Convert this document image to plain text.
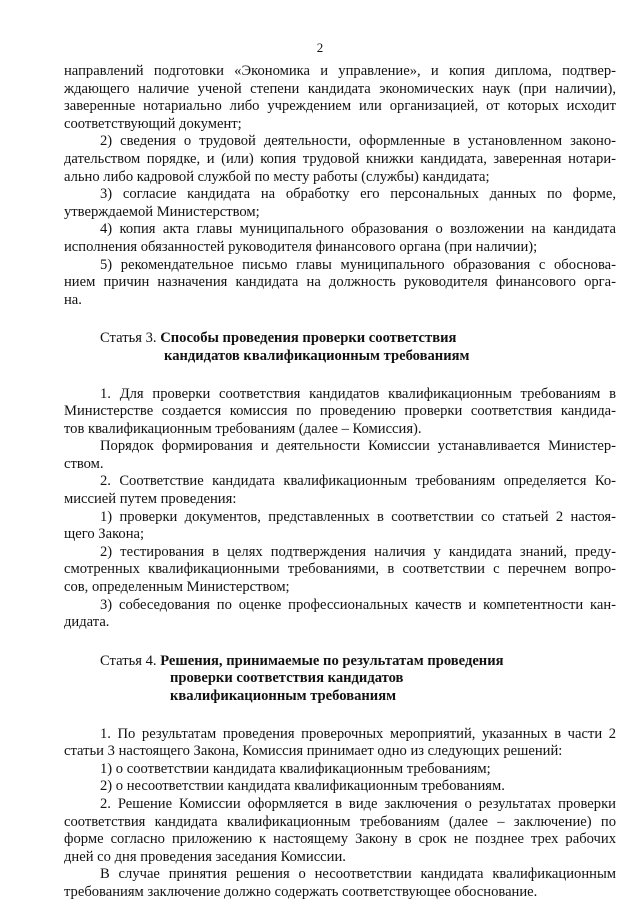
2
направлений подготовки «Экономика и управление», и копия диплома, подтвер-
ждающего наличие ученой степени кандидата экономических наук (при наличии),
заверенные нотариально либо учреждением или организацией, от которых исходит
соответствующий документ;
2) сведения о трудовой деятельности, оформленные в установленном законо-
дательством порядке, и (или) копия трудовой книжки кандидата, заверенная нотари-
ально либо кадровой службой по месту работы (службы) кандидата;
3) согласие кандидата на обработку его персональных данных по форме,
утверждаемой Министерством;
4) копия акта главы муниципального образования о возложении на кандидата
исполнения обязанностей руководителя финансового органа (при наличии);
5) рекомендательное письмо главы муниципального образования с обоснова-
нием причин назначения кандидата на должность руководителя финансового орга-
на.
Статья 3. Способы проведения проверки соответствия
кандидатов квалификационным требованиям
1. Для проверки соответствия кандидатов квалификационным требованиям в
Министерстве создается комиссия по проведению проверки соответствия кандида-
тов квалификационным требованиям (далее – Комиссия).
Порядок формирования и деятельности Комиссии устанавливается Министер-
ством.
2. Соответствие кандидата квалификационным требованиям определяется Ко-
миссией путем проведения:
1) проверки документов, представленных в соответствии со статьей 2 настоя-
щего Закона;
2) тестирования в целях подтверждения наличия у кандидата знаний, преду-
смотренных квалификационными требованиями, в соответствии с перечнем вопро-
сов, определенным Министерством;
3) собеседования по оценке профессиональных качеств и компетентности кан-
дидата.
Статья 4. Решения, принимаемые по результатам проведения
проверки соответствия кандидатов
квалификационным требованиям
1. По результатам проведения проверочных мероприятий, указанных в части 2
статьи 3 настоящего Закона, Комиссия принимает одно из следующих решений:
1) о соответствии кандидата квалификационным требованиям;
2) о несоответствии кандидата квалификационным требованиям.
2. Решение Комиссии оформляется в виде заключения о результатах проверки
соответствия кандидата квалификационным требованиям (далее – заключение) по
форме согласно приложению к настоящему Закону в срок не позднее трех рабочих
дней со дня проведения заседания Комиссии.
В случае принятия решения о несоответствии кандидата квалификационным
требованиям заключение должно содержать соответствующее обоснование.
